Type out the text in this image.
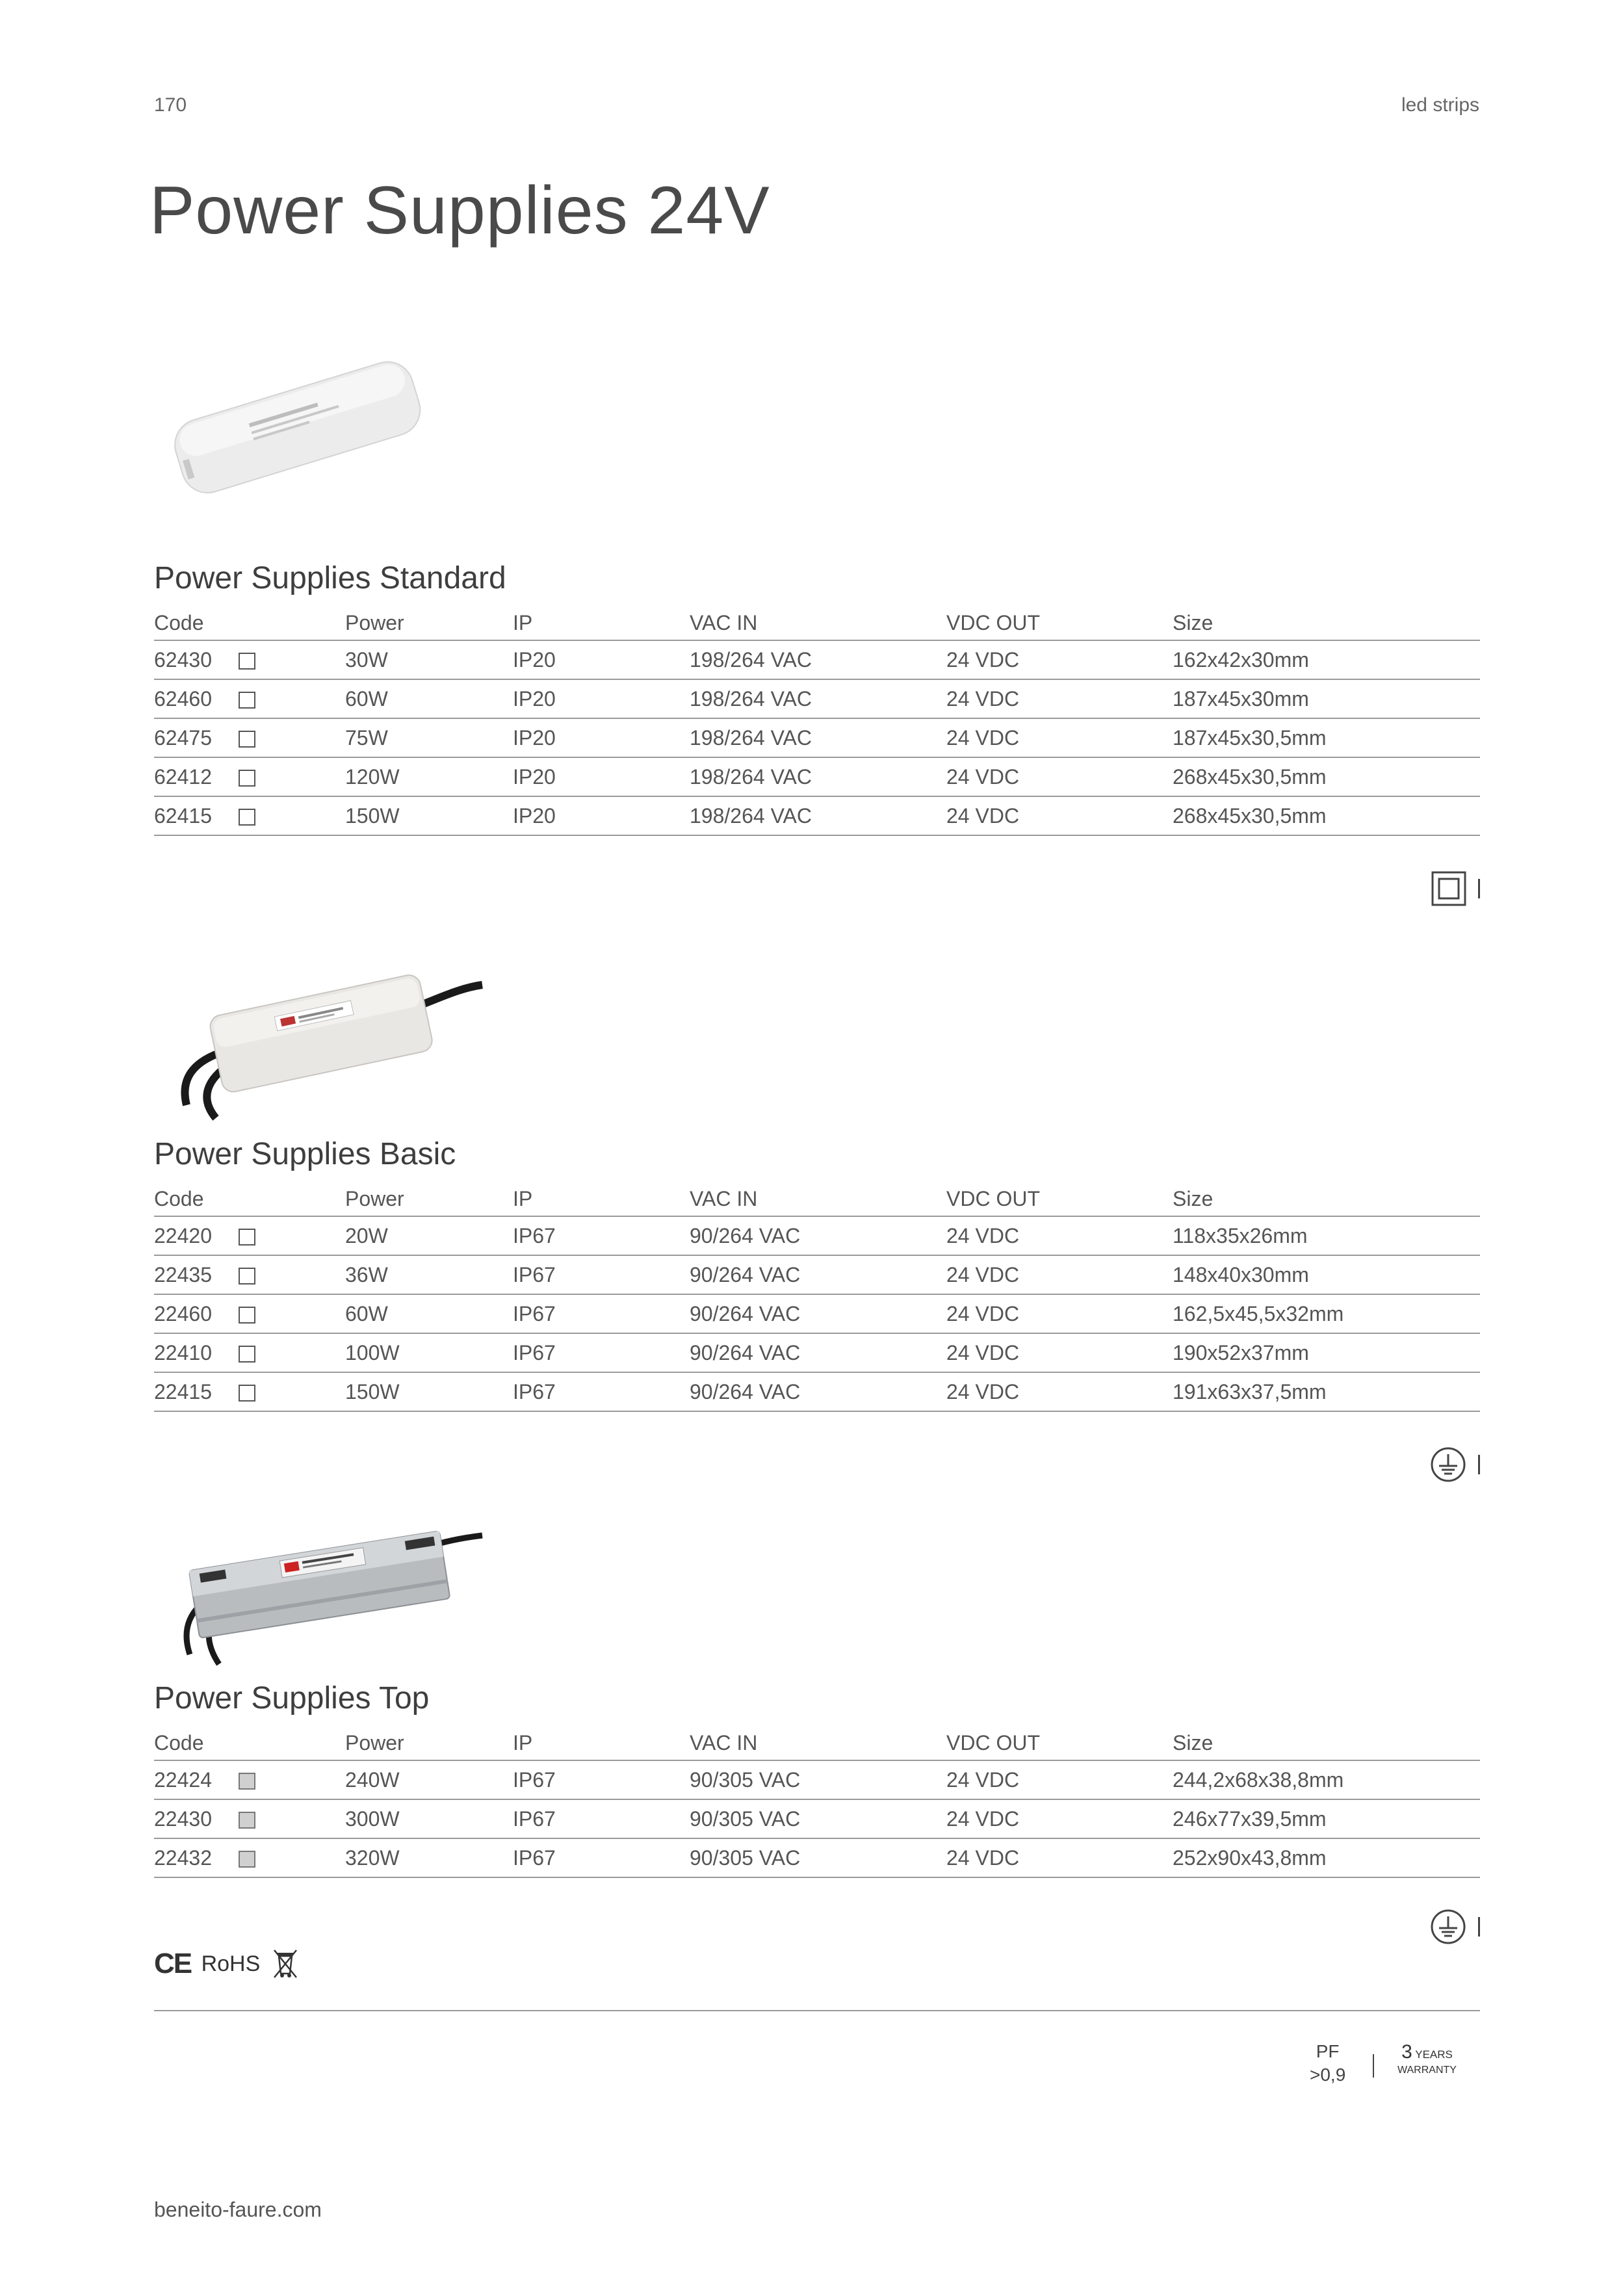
170	led strips
Power Supplies 24V
Power Supplies Standard
Code		Power	IP	VAC IN	VDC OUT	Size
62430		30W	IP20	198/264 VAC	24 VDC	162x42x30mm
62460		60W	IP20	198/264 VAC	24 VDC	187x45x30mm
62475		75W	IP20	198/264 VAC	24 VDC	187x45x30,5mm
62412		120W	IP20	198/264 VAC	24 VDC	268x45x30,5mm
62415		150W	IP20	198/264 VAC	24 VDC	268x45x30,5mm
Power Supplies Basic
Code		Power	IP	VAC IN	VDC OUT	Size
22420		20W	IP67	90/264 VAC	24 VDC	118x35x26mm
22435		36W	IP67	90/264 VAC	24 VDC	148x40x30mm
22460		60W	IP67	90/264 VAC	24 VDC	162,5x45,5x32mm
22410		100W	IP67	90/264 VAC	24 VDC	190x52x37mm
22415		150W	IP67	90/264 VAC	24 VDC	191x63x37,5mm
Power Supplies Top
Code		Power	IP	VAC IN	VDC OUT	Size
22424		240W	IP67	90/305 VAC	24 VDC	244,2x68x38,8mm
22430		300W	IP67	90/305 VAC	24 VDC	246x77x39,5mm
22432		320W	IP67	90/305 VAC	24 VDC	252x90x43,8mm
CE RoHS
PF
>0,9
3 YEARS
WARRANTY
beneito-faure.com
